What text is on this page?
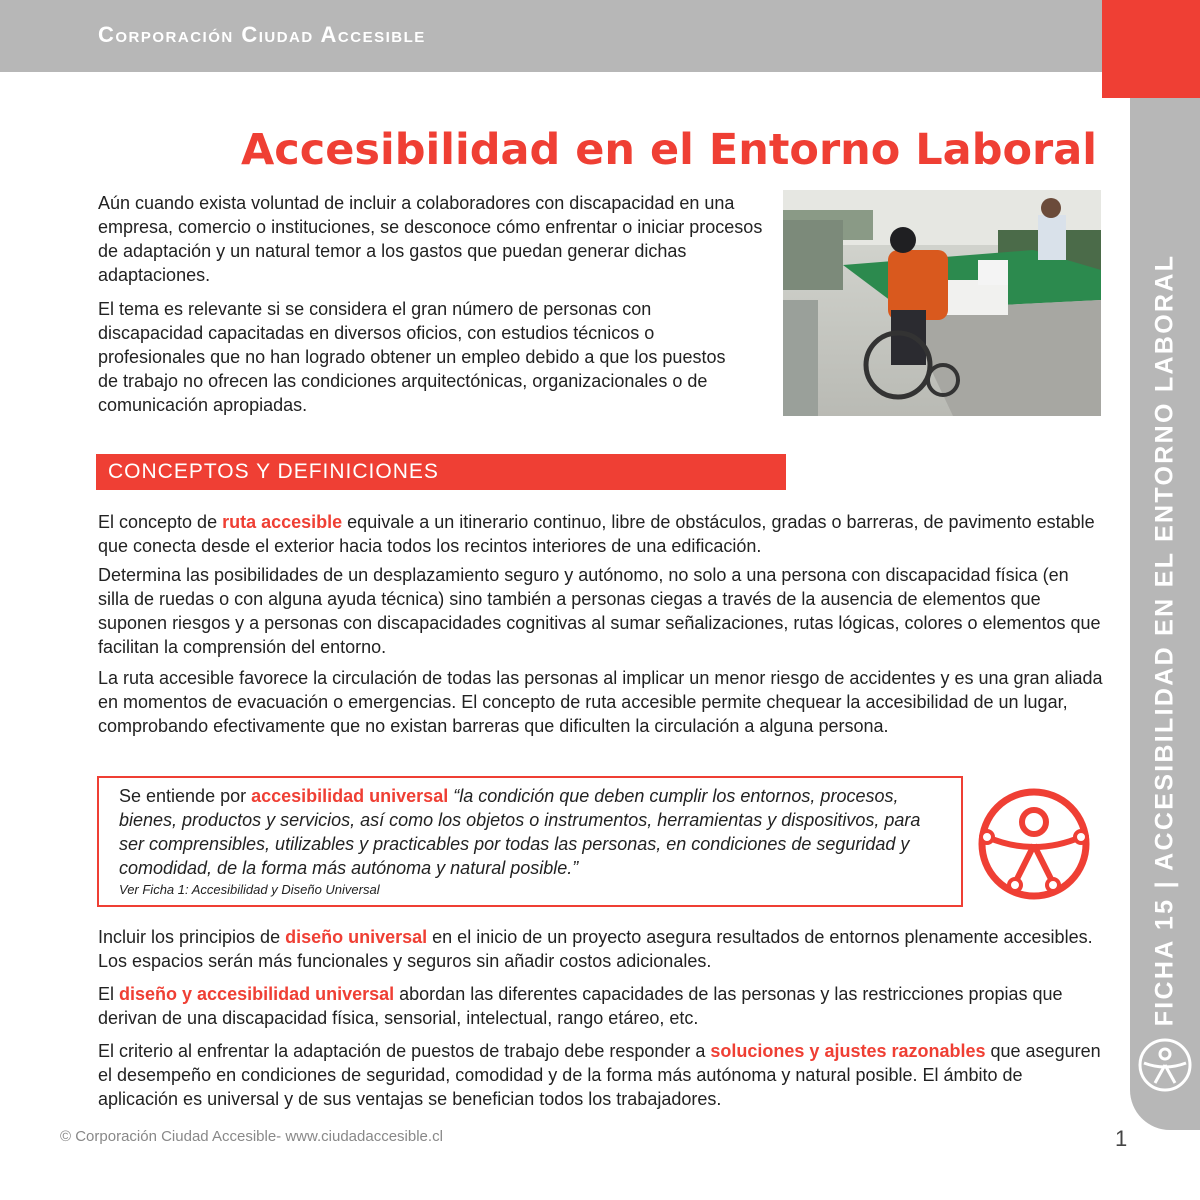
Corporación Ciudad Accesible
FICHA 15 | ACCESIBILIDAD EN EL ENTORNO LABORAL
Accesibilidad en el Entorno Laboral

Aún cuando exista voluntad de incluir a colaboradores con discapacidad en una empresa, comercio o instituciones, se desconoce cómo enfrentar o iniciar procesos de adaptación y un natural temor a los gastos que puedan generar dichas adaptaciones.

El tema es relevante si se considera el gran número de personas con discapacidad capacitadas en diversos oficios, con estudios técnicos o profesionales que no han logrado obtener un empleo debido a que los puestos de trabajo no ofrecen las condiciones arquitectónicas, organizacionales o de comunicación apropiadas.

CONCEPTOS Y DEFINICIONES

El concepto de ruta accesible equivale a un itinerario continuo, libre de obstáculos, gradas o barreras, de pavimento estable que conecta desde el exterior hacia todos los recintos interiores de una edificación.

Determina las posibilidades de un desplazamiento seguro y autónomo, no solo a una persona con discapacidad física (en silla de ruedas o con alguna ayuda técnica) sino también a personas ciegas a través de la ausencia de elementos que suponen riesgos y a personas con discapacidades cognitivas al sumar señalizaciones, rutas lógicas, colores o elementos que facilitan la comprensión del entorno.

La ruta accesible favorece la circulación de todas las personas al implicar un menor riesgo de accidentes y es una gran aliada en momentos de evacuación o emergencias. El concepto de ruta accesible permite chequear la accesibilidad de un lugar, comprobando efectivamente que no existan barreras que dificulten la circulación a alguna persona.

Se entiende por accesibilidad universal “la condición que deben cumplir los entornos, procesos, bienes, productos y servicios, así como los objetos o instrumentos, herramientas y dispositivos, para ser comprensibles, utilizables y practicables por todas las personas, en condiciones de seguridad y comodidad, de la forma más autónoma y natural posible.”

Ver Ficha 1: Accesibilidad y Diseño Universal

Incluir los principios de diseño universal en el inicio de un proyecto asegura resultados de entornos plenamente accesibles. Los espacios serán más funcionales y seguros sin añadir costos adicionales.

El diseño y accesibilidad universal abordan las diferentes capacidades de las personas y las restricciones propias que derivan de una discapacidad física, sensorial, intelectual, rango etáreo, etc.

El criterio al enfrentar la adaptación de puestos de trabajo debe responder a soluciones y ajustes razonables que aseguren el desempeño en condiciones de seguridad, comodidad y de la forma más autónoma y natural posible. El ámbito de aplicación es universal y de sus ventajas se benefician todos los trabajadores.

© Corporación Ciudad Accesible- www.ciudadaccesible.cl	1
